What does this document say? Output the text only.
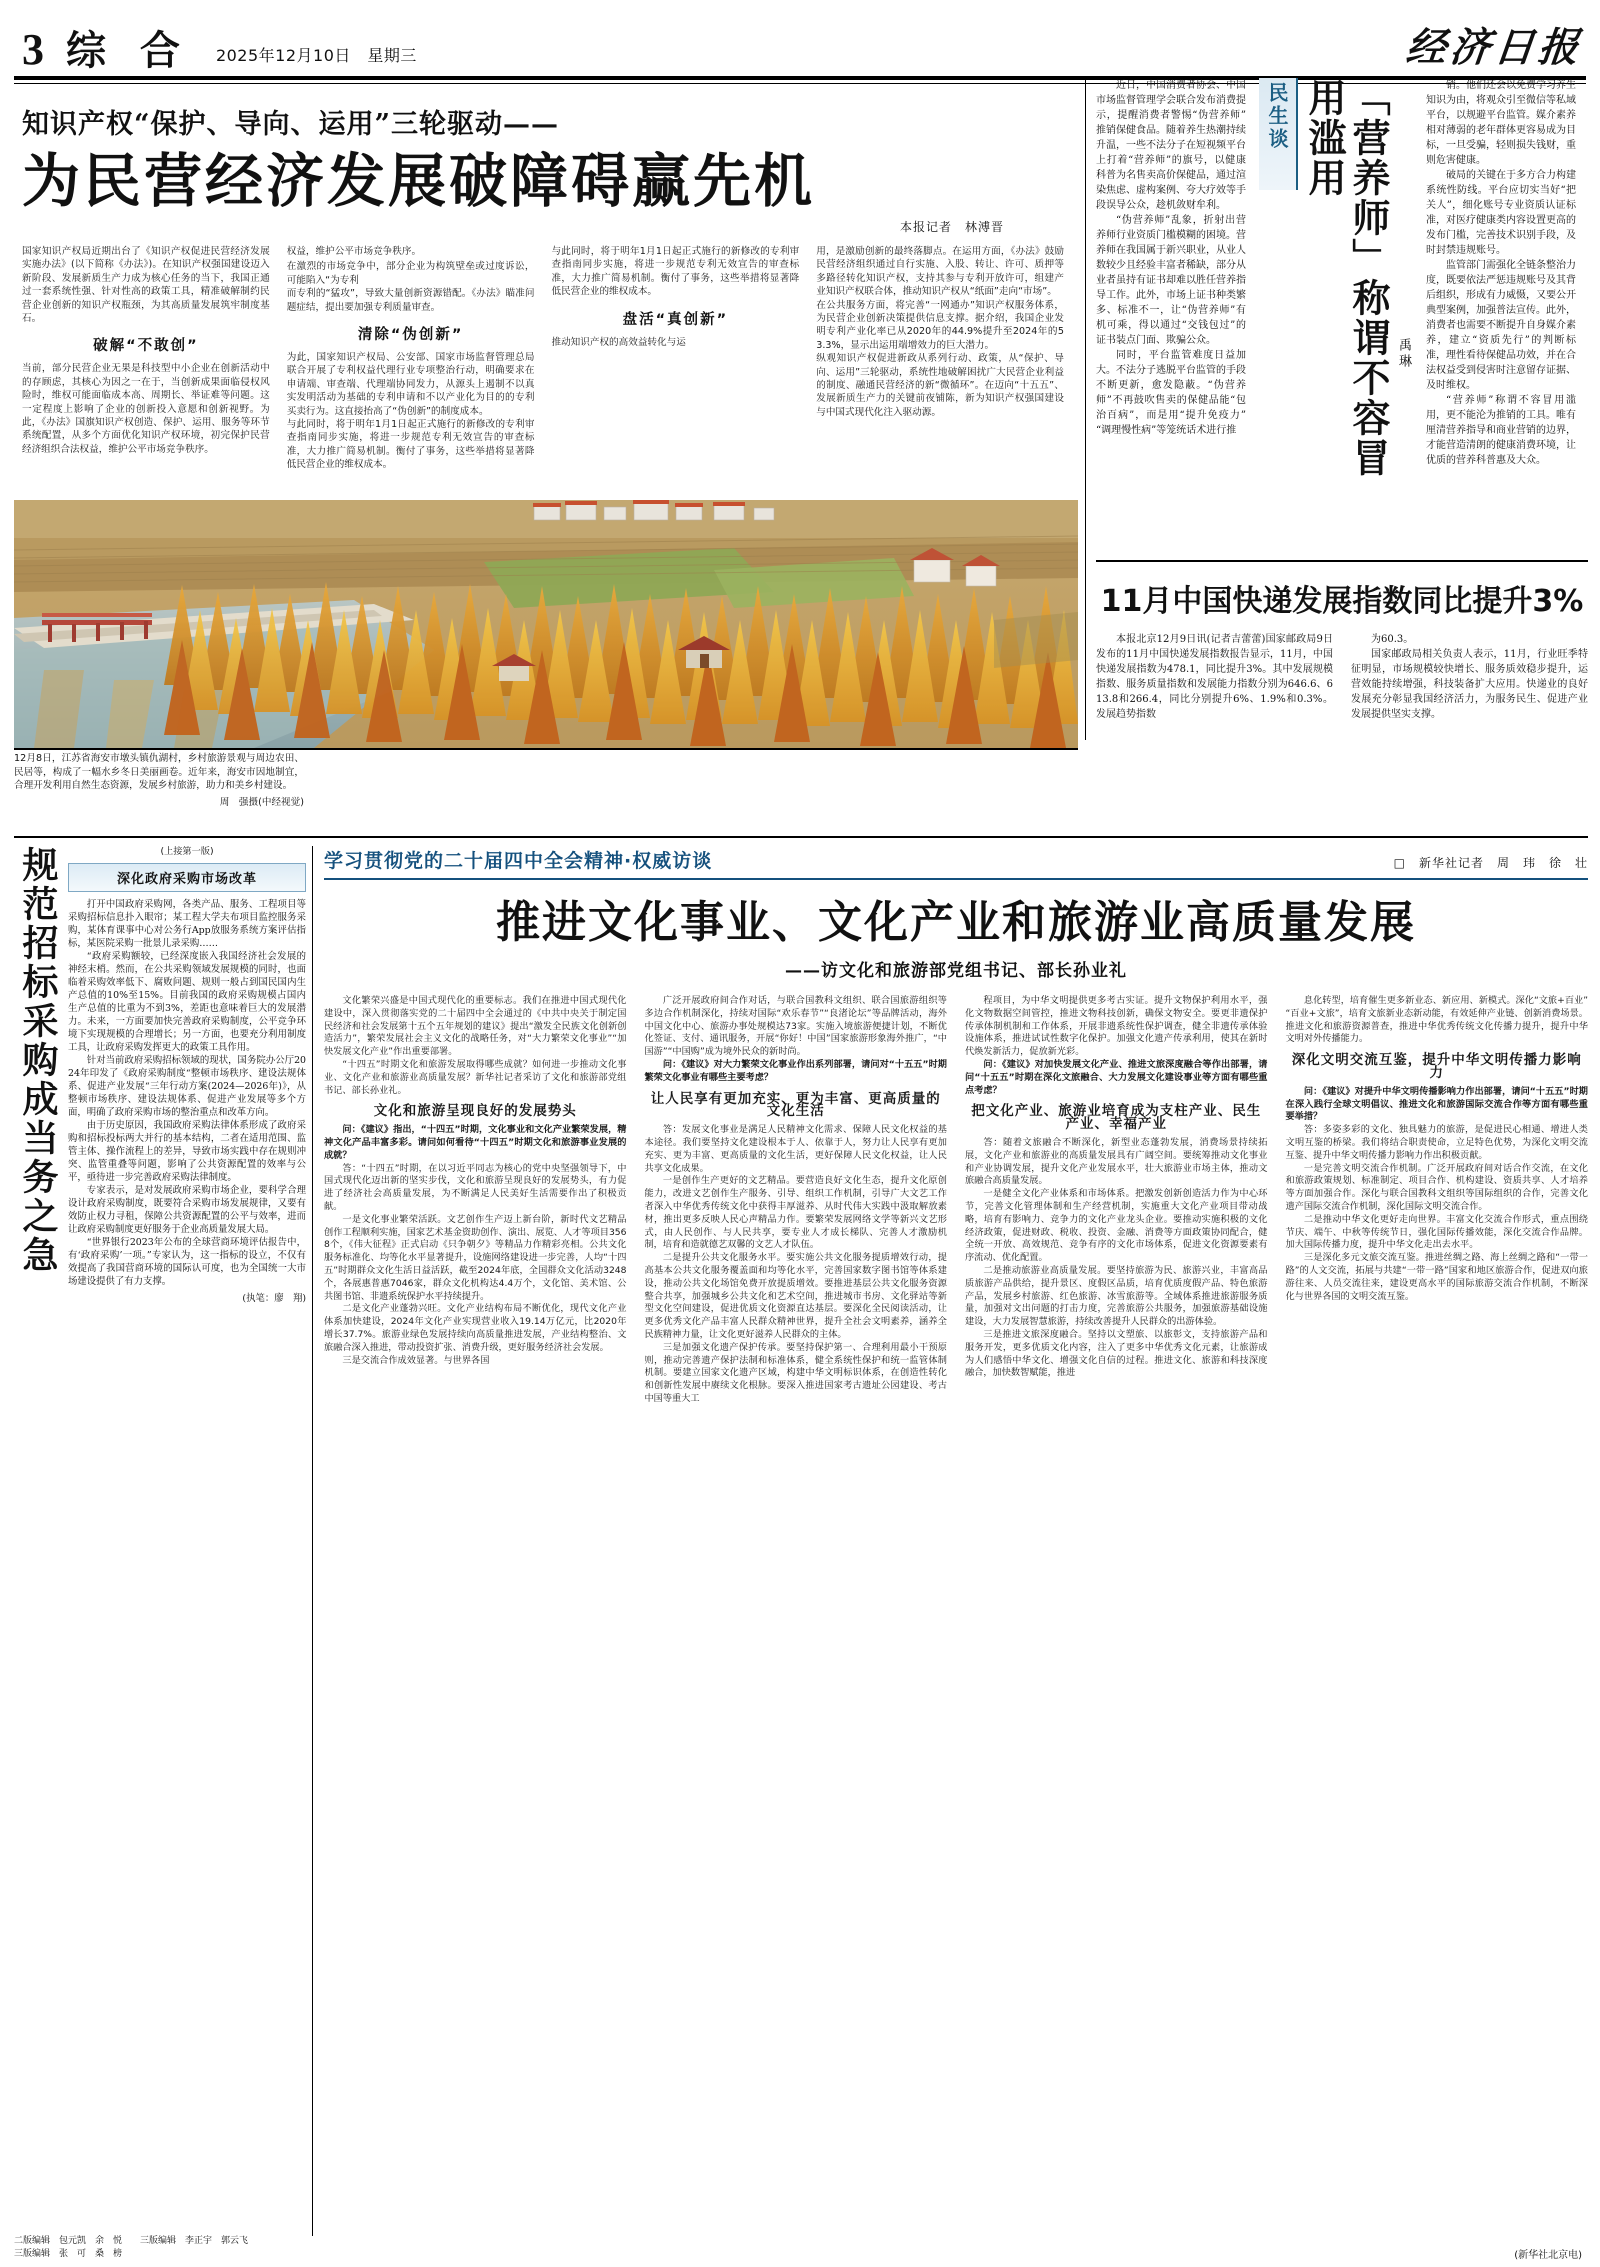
3 综 合 2025年12月10日　星期三	经济日报
知识产权“保护、导向、运用”三轮驱动——
为民营经济发展破障碍赢先机
本报记者　林溥晋
国家知识产权局近期出台了《知识产权促进民营经济发展实施办法》(以下简称《办法》)。在知识产权强国建设迈入新阶段、发展新质生产力成为核心任务的当下，我国正通过一套系统性强、针对性高的政策工具，精准破解制约民营企业创新的知识产权瓶颈，为其高质量发展筑牢制度基石。
破解“不敢创”
当前，部分民营企业无果是科技型中小企业在创新活动中的存顾虑，其核心为因之一在于，当创新成果面临侵权风险时，维权可能面临成本高、周期长、举证难等问题。这一定程度上影响了企业的创新投入意愿和创新视野。为此，《办法》国旗知识产权创造、保护、运用、服务等环节系统配置，从多个方面优化知识产权环境，初完保护民营经济组织合法权益，维护公平市场竞争秩序。
权益，维护公平市场竞争秩序。
在激烈的市场竞争中，部分企业为构筑壁垒或过度诉讼，可能陷入“为专利
而专利的“猛攻”，导致大量创新资源错配。《办法》瞄准问题症结，提出要加强专利质量审查。
清除“伪创新”
为此，国家知识产权局、公安部、国家市场监督管理总局联合开展了专利权益代理行业专项整治行动，明确要求在申请端、审查端、代理端协同发力，从源头上遏制不以真实发明活动为基础的专利申请和不以产业化为目的的专利买卖行为。这直接抬高了“伪创新”的制度成本。
与此同时，将于明年1月1日起正式施行的新修改的专利审查指南同步实施，将进一步规范专利无效宣告的审查标准，大力推广简易机制。衡付了事务，这些举措将显著降低民营企业的维权成本。
与此同时，将于明年1月1日起正式施行的新修改的专利审查指南同步实施，将进一步规范专利无效宣告的审查标准，大力推广简易机制。衡付了事务，这些举措将显著降低民营企业的维权成本。
盘活“真创新”
推动知识产权的高效益转化与运
用，是激励创新的最终落脚点。在运用方面，《办法》鼓励民营经济组织通过自行实施、入股、转让、许可、质押等多路径转化知识产权，支持其参与专利开放许可，组建产业知识产权联合体，推动知识产权从“纸面”走向“市场”。
在公共服务方面，将完善“一网通办”知识产权服务体系，为民营企业创新决策提供信息支撑。据介绍，我国企业发明专利产业化率已从2020年的44.9%提升至2024年的53.3%，显示出运用端增效力的巨大潜力。
纵观知识产权促进新政从系列行动、政策，从“保护、导向、运用”三轮驱动，系统性地破解困扰广大民营企业利益的制度、融通民营经济的新“微循环”。在迈向“十五五”、发展新质生产力的关键前夜铺陈，新为知识产权强国建设与中国式现代化注入驱动源。

近日，中国消费者协会、中国市场监督管理学会联合发布消费提示，提醒消费者警惕“伪营养师”推销保健食品。随着养生热潮持续升温，一些不法分子在短视频平台上打着“营养师”的旗号，以健康科普为名售卖高价保健品，通过渲染焦虑、虚构案例、夸大疗效等手段误导公众，趁机敛财牟利。

“伪营养师”乱象，折射出营养师行业资质门槛模糊的困境。营养师在我国属于新兴职业，从业人数较少且经验丰富者稀缺，部分从业者虽持有证书却难以胜任营养指导工作。此外，市场上证书种类繁多、标准不一，让“伪营养师”有机可乘，得以通过“交钱包过”的证书装点门面、欺骗公众。

同时，平台监管难度日益加大。不法分子逃脱平台监管的手段不断更新，愈发隐蔽。“伪营养师”不再鼓吹售卖的保健品能“包治百病”，而是用“提升免疫力”“调理慢性病”等笼统话术进行推

民生谈	「营养师」称谓不容冒用滥用
禹琳

销。他们还会以免费学习养生知识为由，将观众引至微信等私域平台，以规避平台监管。媒介素养相对薄弱的老年群体更容易成为目标，一旦受骗，轻则损失钱财，重则危害健康。

破局的关键在于多方合力构建系统性防线。平台应切实当好“把关人”，细化账号专业资质认证标准，对医疗健康类内容设置更高的发布门槛，完善技术识别手段，及时封禁违规账号。

监管部门需强化全链条整治力度，既要依法严惩违规账号及其背后组织，形成有力威慑，又要公开典型案例，加强普法宣传。此外，消费者也需要不断提升自身媒介素养，建立“资质先行”的判断标准，理性看待保健品功效，并在合法权益受到侵害时注意留存证据、及时维权。

“营养师”称谓不容冒用滥用，更不能沦为推销的工具。唯有厘清营养指导和商业营销的边界，才能营造清朗的健康消费环境，让优质的营养科普惠及大众。

11月中国快递发展指数同比提升3%

本报北京12月9日讯(记者吉蕾蕾)国家邮政局9日发布的11月中国快递发展指数报告显示，11月，中国快递发展指数为478.1，同比提升3%。其中发展规模指数、服务质量指数和发展能力指数分别为646.6、613.8和266.4，同比分别提升6%、1.9%和0.3%。发展趋势指数

为60.3。

国家邮政局相关负责人表示，11月，行业旺季特征明显，市场规模较快增长、服务质效稳步提升，运营效能持续增强，科技装备扩大应用。快递业的良好发展充分彰显我国经济活力，为服务民生、促进产业发展提供坚实支撑。

12月8日，江苏省海安市墩头镇仇湖村，乡村旅游景观与周边农田、民居等，构成了一幅水乡冬日美丽画卷。近年来，海安市因地制宜，合理开发利用自然生态资源，发展乡村旅游，助力和美乡村建设。
周　强摄(中经视觉)
规范招标采购成当务之急	(上接第一版)
深化政府采购市场改革

打开中国政府采购网，各类产品、服务、工程项目等采购招标信息扑入眼帘；某工程大学夫布项目监控服务采购，某体育课事中心对公务行App放服务系统方案评估指标，某医院采购一批景儿录采购……

“政府采购额较，已经深度嵌入我国经济社会发展的神经末梢。然而，在公共采购领域发展规模的同时，也面临着采购效率低下、腐败问题、规则一般占到国民国内生产总值的10%至15%。目前我国的政府采购规模占国内生产总值的比重为不到3%，差距也意味着巨大的发展潜力。未来，一方面要加快完善政府采购制度，公平竞争环境下实现规模的合理增长；另一方面，也要充分利用制度工具，让政府采购发挥更大的政策工具作用。

针对当前政府采购招标领域的现状，国务院办公厅2024年印发了《政府采购制度“整顿市场秩序、建设法规体系、促进产业发展“三年行动方案(2024—2026年)》，从整顿市场秩序、建设法规体系、促进产业发展等多个方面，明确了政府采购市场的整治重点和改革方向。

由于历史原因，我国政府采购法律体系形成了政府采购和招标投标两大并行的基本结构，二者在适用范围、监管主体、操作流程上的差异，导致市场实践中存在规则冲突、监管重叠等问题，影响了公共资源配置的效率与公平，亟待进一步完善政府采购法律制度。

专家表示，是对发展政府采购市场企业，要科学合理设计政府采购制度，既要符合采购市场发展规律，又要有效防止权力寻租，保障公共资源配置的公平与效率，进而让政府采购制度更好服务于企业高质量发展大局。

“世界银行2023年公布的全球营商环境评估报告中，有‘政府采购’一项。”专家认为，这一指标的设立，不仅有效提高了我国营商环境的国际认可度，也为全国统一大市场建设提供了有力支撑。

(执笔：廖　翔)

学习贯彻党的二十届四中全会精神·权威访谈	□　新华社记者　周　玮　徐　壮
推进文化事业、文化产业和旅游业高质量发展
——访文化和旅游部党组书记、部长孙业礼

文化繁荣兴盛是中国式现代化的重要标志。我们在推进中国式现代化建设中，深入贯彻落实党的二十届四中全会通过的《中共中央关于制定国民经济和社会发展第十五个五年规划的建议》提出“激发全民族文化创新创造活力”，繁荣发展社会主义文化的战略任务，对“大力繁荣文化事业”“加快发展文化产业”作出重要部署。

“十四五”时期文化和旅游发展取得哪些成就？如何进一步推动文化事业、文化产业和旅游业高质量发展？新华社记者采访了文化和旅游部党组书记、部长孙业礼。

文化和旅游呈现良好的发展势头

问：《建议》指出，“十四五”时期，文化事业和文化产业繁荣发展，精神文化产品丰富多彩。请问如何看待“十四五”时期文化和旅游事业发展的成就？

答：“十四五”时期，在以习近平同志为核心的党中央坚强领导下，中国式现代化迈出新的坚实步伐，文化和旅游呈现良好的发展势头，有力促进了经济社会高质量发展，为不断满足人民美好生活需要作出了积极贡献。

一是文化事业繁荣活跃。文艺创作生产迈上新台阶，新时代文艺精品创作工程顺利实施，国家艺术基金资助创作、演出、展览、人才等项目3568个，《伟大征程》正式启动《只争朝夕》等精品力作精彩亮相。公共文化服务标准化、均等化水平显著提升，设施网络建设进一步完善，人均“十四五”时期群众文化生活日益活跃，截至2024年底，全国群众文化活动3248个，各展惠普惠7046家，群众文化机构达4.4万个，文化馆、美术馆、公共图书馆、非遗系统保护水平持续提升。

二是文化产业蓬勃兴旺。文化产业结构布局不断优化，现代文化产业体系加快建设，2024年文化产业实现营业收入19.14万亿元，比2020年增长37.7%。旅游业绿色发展持续向高质量推进发展，产业结构整治、文旅融合深入推进，带动投资扩张、消费升级，更好服务经济社会发展。

三是交流合作成效显著。与世界各国

广泛开展政府间合作对话，与联合国教科文组织、联合国旅游组织等多边合作机制深化，持续对国际“欢乐春节”“良渚论坛”等品牌活动，海外中国文化中心、旅游办事处规模达73家。实施入境旅游便捷计划，不断优化签证、支付、通讯服务，开展“你好！中国”国家旅游形象海外推广，“中国游”“中国购”成为境外民众的新时尚。

问：《建议》对大力繁荣文化事业作出系列部署，请问对“十五五”时期繁荣文化事业有哪些主要考虑？

让人民享有更加充实、更为丰富、更高质量的文化生活

答：发展文化事业是满足人民精神文化需求、保障人民文化权益的基本途径。我们要坚持文化建设根本于人、依靠于人，努力让人民享有更加充实、更为丰富、更高质量的文化生活，更好保障人民文化权益，让人民共享文化成果。

一是创作生产更好的文艺精品。要营造良好文化生态，提升文化原创能力，改进文艺创作生产服务、引导、组织工作机制，引导广大文艺工作者深入中华优秀传统文化中获得丰厚滋养、从时代伟大实践中汲取解放素材，推出更多反映人民心声精品力作。要繁荣发展网络文学等新兴文艺形式，由人民创作、与人民共享，要专业人才成长梯队、完善人才激励机制，培育和造就德艺双馨的文艺人才队伍。

二是提升公共文化服务水平。要实施公共文化服务提质增效行动，提高基本公共文化服务覆盖面和均等化水平，完善国家数字图书馆等体系建设，推动公共文化场馆免费开放提质增效。要推进基层公共文化服务资源整合共享，加强城乡公共文化和艺术空间，推进城市书房、文化驿站等新型文化空间建设，促进优质文化资源直达基层。要深化全民阅读活动，让更多优秀文化产品丰富人民群众精神世界，提升全社会文明素养，涵养全民族精神力量，让文化更好滋养人民群众的主体。

三是加强文化遗产保护传承。要坚持保护第一、合理利用最小干预原则，推动完善遗产保护法制和标准体系，健全系统性保护和统一监管体制机制。要建立国家文化遗产区域，构建中华文明标识体系，在创造性转化和创新性发展中赓续文化根脉。要深入推进国家考古遗址公园建设、考古中国等重大工

程项目，为中华文明提供更多考古实证。提升文物保护利用水平，强化文物数据空间管控，推进文物科技创新，确保文物安全。要更非遗保护传承体制机制和工作体系，开展非遗系统性保护调查，健全非遗传承体验设施体系，推进试试性数字化保护。加强文化遗产传承利用，使其在新时代焕发新活力，促放新光彩。

问：《建议》对加快发展文化产业、推进文旅深度融合等作出部署，请问“十五五”时期在深化文旅融合、大力发展文化建设事业等方面有哪些重点考虑？

把文化产业、旅游业培育成为支柱产业、民生产业、幸福产业

答：随着文旅融合不断深化，新型业态蓬勃发展，消费场景持续拓展，文化产业和旅游业的高质量发展具有广阔空间。要统筹推动文化事业和产业协调发展，提升文化产业发展水平，壮大旅游业市场主体，推动文旅融合高质量发展。

一是健全文化产业体系和市场体系。把激发创新创造活力作为中心环节，完善文化管理体制和生产经营机制，实施重大文化产业项目带动战略，培育有影响力、竞争力的文化产业龙头企业。要推动实施积极的文化经济政策，促进财政、税收、投资、金融、消费等方面政策协同配合，健全统一开放、高效规范、竞争有序的文化市场体系，促进文化资源要素有序流动、优化配置。

二是推动旅游业高质量发展。要坚持旅游为民、旅游兴业，丰富高品质旅游产品供给，提升景区、度假区品质，培育优质度假产品、特色旅游产品，发展乡村旅游、红色旅游、冰雪旅游等。全域体系推进旅游服务质量，加强对文出问题的打击力度，完善旅游公共服务，加强旅游基础设施建设，大力发展智慧旅游，持续改善提升人民群众的出游体验。

三是推进文旅深度融合。坚持以文塑旅、以旅彰文，支持旅游产品和服务开发，更多优质文化内容，注入了更多中华优秀文化元素，让旅游成为人们感悟中华文化、增强文化自信的过程。推进文化、旅游和科技深度融合，加快数智赋能，推进

息化转型，培育催生更多新业态、新应用、新模式。深化“文旅+百业”“百业+文旅”，培育文旅新业态新动能，有效延伸产业链、创新消费场景。推进文化和旅游资源普查，推进中华优秀传统文化传播力提升，提升中华文明对外传播能力。

深化文明交流互鉴，提升中华文明传播力影响力

问：《建议》对提升中华文明传播影响力作出部署，请问“十五五”时期在深入践行全球文明倡议、推进文化和旅游国际交流合作等方面有哪些重要举措？

答：多姿多彩的文化、独具魅力的旅游，是促进民心相通、增进人类文明互鉴的桥梁。我们将结合职责使命，立足特色优势，为深化文明交流互鉴、提升中华文明传播力影响力作出积极贡献。

一是完善文明交流合作机制。广泛开展政府间对话合作交流，在文化和旅游政策规划、标准制定、项目合作、机构建设、资质共享、人才培养等方面加强合作。深化与联合国教科文组织等国际组织的合作，完善文化遗产国际交流合作机制，深化国际文明交流合作。

二是推动中华文化更好走向世界。丰富文化交流合作形式，重点围绕节庆、端午、中秋等传统节日，强化国际传播效能，深化交流合作品牌。加大国际传播力度，提升中华文化走出去水平。

三是深化多元文旅交流互鉴。推进丝绸之路、海上丝绸之路和“一带一路”的人文交流，拓展与共建“一带一路”国家和地区旅游合作，促进双向旅游往来、人员交流往来，建设更高水平的国际旅游交流合作机制，不断深化与世界各国的文明交流互鉴。

二版编辑　包元凯　余　悦　　三版编辑　李正宇　郭云飞
三版编辑　张　可　桑　榜	(新华社北京电)
